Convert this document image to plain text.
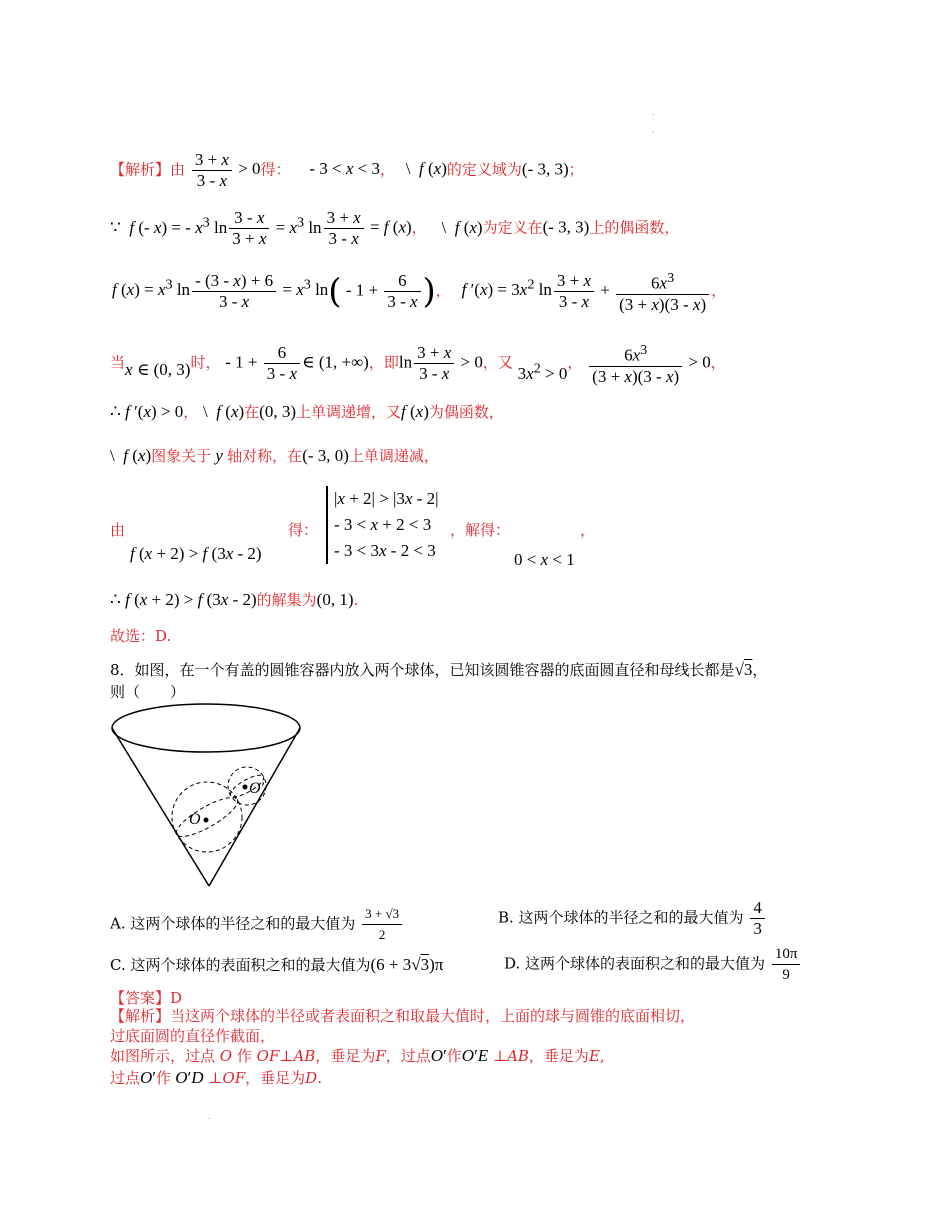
.
.
【解析】由 $\frac{3 + x}{3 - x} > 0$得： - 3 < x < 3， \  f (x)的定义域为(- 3, 3)；
∵  f (- x) = - $x^3$ $\ln \frac{3 - x}{3 + x} = x^3$ $\ln \frac{3 + x}{3 - x} = f$ (x)， \  f (x)为定义在(- 3, 3)上的偶函数，
f $(x) = x^3$ $\ln \frac{- (3 - x) + 6}{3 - x} = x^3$ $\ln( - 1 + \frac{6}{3 - x}$ )， f $'(x) = 3x^2$ $\ln \frac{3 + x}{3 - x} + \frac{6x^3}{(3 + x)(3 - x)}$ ，
当x ∈ (0, 3)时， - $1 + \frac{6}{3 - x}$ ∈ (1, +∞)，即$\ln \frac{3 + x}{3 - x} > 0$，又 $3x^2 > 0$， $\frac{6x^3}{(3 + x)(3 - x)} > 0$，
∴ f ′(x) > 0， \  f (x)在(0, 3)上单调递增，又f (x)为偶函数，
\  f (x)图象关于 y 轴对称，在(- 3, 0)上单调递减，
由
f (x + 2) > f (3x - 2)
得：
|x + 2| > |3x - 2|
- 3 < x + 2 < 3
- 3 < 3x - 2 < 3
，解得：	，
0 < x < 1
∴ f (x + 2) > f (3x - 2)的解集为(0, 1).
故选：D.
8．如图，在一个有盖的圆锥容器内放入两个球体，已知该圆锥容器的底面圆直径和母线长都是√3，
则（　　）
O
O′
A. 这两个球体的半径之和的最大值为 $\frac{3 + √3}{2}$	B. 这两个球体的半径之和的最大值为 $\frac{4}{3}$
C. 这两个球体的表面积之和的最大值为(6 + 3√3)π	D. 这两个球体的表面积之和的最大值为 $\frac{10\pi}{9}$
【答案】D
【解析】当这两个球体的半径或者表面积之和取最大值时，上面的球与圆锥的底面相切，
过底面圆的直径作截面，
如图所示，过点 O 作 OF⊥AB，垂足为F，过点O′作O′E ⊥AB，垂足为E,
过点O′作 O′D ⊥OF，垂足为D.
.
